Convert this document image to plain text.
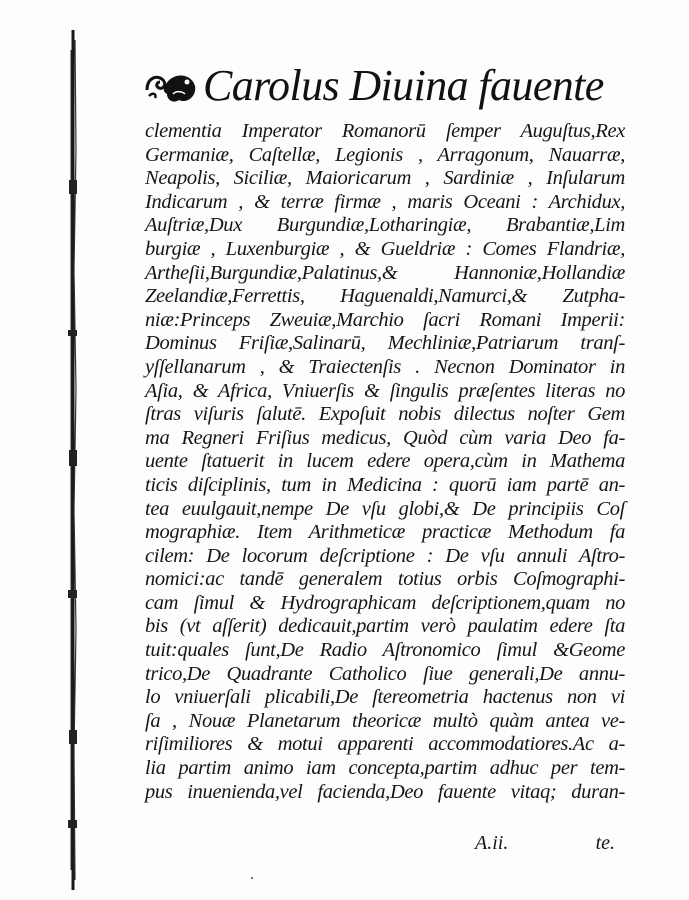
Carolus Diuina fauente
clementia Imperator Romanorū ſemper Auguſtus,Rex
Germaniæ, Caſtellæ, Legionis , Arragonum, Nauarræ,
Neapolis, Siciliæ, Maioricarum , Sardiniæ , Inſularum
Indicarum , & terræ firmæ , maris Oceani : Archidux,
Auſtriæ,Dux Burgundiæ,Lotharingiæ, Brabantiæ,Lim
burgiæ , Luxenburgiæ , & Gueldriæ : Comes Flandriæ,
Artheſii,Burgundiæ,Palatinus,& Hannoniæ,Hollandiæ
Zeelandiæ,Ferrettis, Haguenaldi,Namurci,& Zutpha-
niæ:Princeps Zweuiæ,Marchio ſacri Romani Imperii:
Dominus Friſiæ,Salinarū, Mechliniæ,Patriarum tranſ-
yſſellanarum , & Traiectenſis . Necnon Dominator in
Aſia, & Africa, Vniuerſis & ſingulis præſentes literas no
ſtras viſuris ſalutē. Expoſuit nobis dilectus noſter Gem
ma Regneri Friſius medicus, Quòd cùm varia Deo fa-
uente ſtatuerit in lucem edere opera,cùm in Mathema
ticis diſciplinis, tum in Medicina : quorū iam partē an-
tea euulgauit,nempe De vſu globi,& De principiis Coſ
mographiæ. Item Arithmeticæ practicæ Methodum fa
cilem: De locorum deſcriptione : De vſu annuli Aſtro-
nomici:ac tandē generalem totius orbis Coſmographi-
cam ſimul & Hydrographicam deſcriptionem,quam no
bis (vt aſſerit) dedicauit,partim verò paulatim edere ſta
tuit:quales ſunt,De Radio Aſtronomico ſimul &Geome
trico,De Quadrante Catholico ſiue generali,De annu-
lo vniuerſali plicabili,De ſtereometria hactenus non vi
ſa , Nouæ Planetarum theoricæ multò quàm antea ve-
riſimiliores & motui apparenti accommodatiores.Ac a-
lia partim animo iam concepta,partim adhuc per tem-
pus inuenienda,vel facienda,Deo fauente vitaq; duran-
A.ii.	te.
